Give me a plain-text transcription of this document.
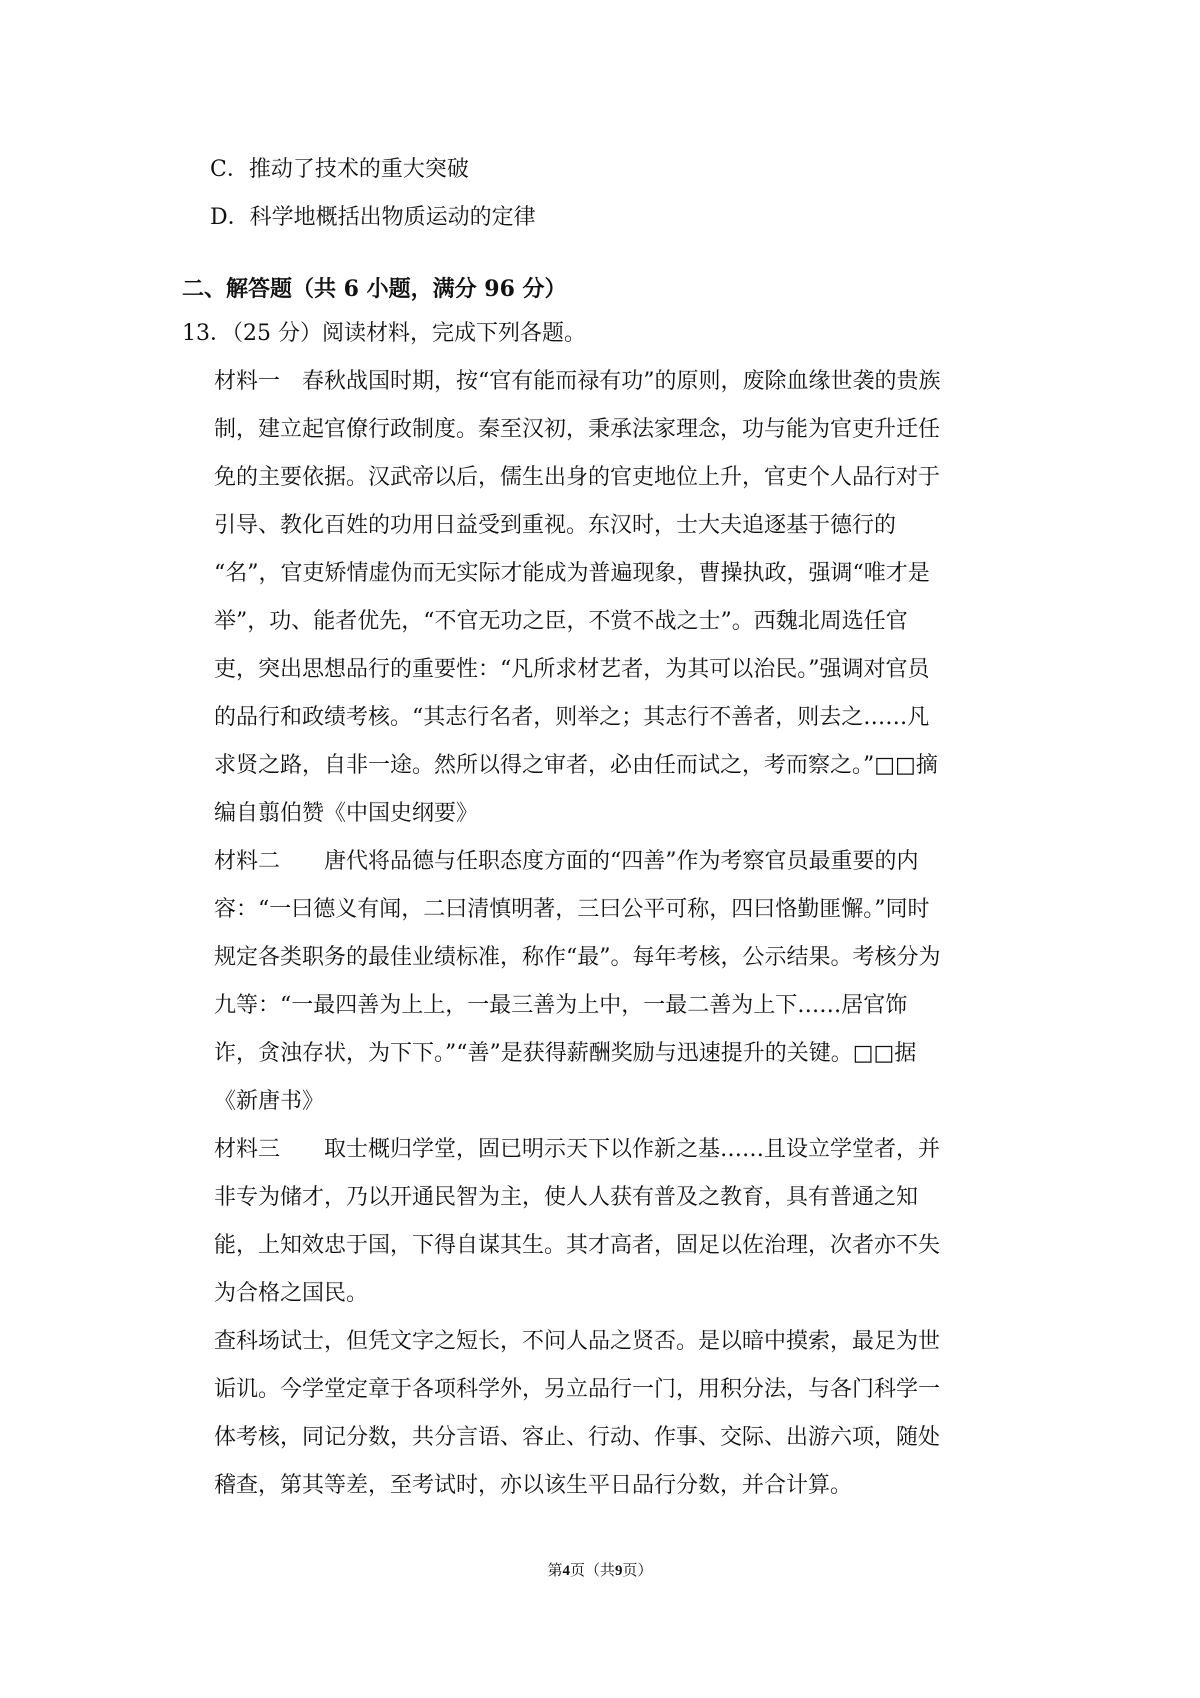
C．推动了技术的重大突破
D．科学地概括出物质运动的定律
二、解答题（共 6 小题，满分 96 分）
13．（25 分）阅读材料，完成下列各题。
材料一　春秋战国时期，按“官有能而禄有功”的原则，废除血缘世袭的贵族
制，建立起官僚行政制度。秦至汉初，秉承法家理念，功与能为官吏升迁任
免的主要依据。汉武帝以后，儒生出身的官吏地位上升，官吏个人品行对于
引导、教化百姓的功用日益受到重视。东汉时，士大夫追逐基于德行的
“名”，官吏矫情虚伪而无实际才能成为普遍现象，曹操执政，强调“唯才是
举”，功、能者优先，“不官无功之臣，不赏不战之士”。西魏北周选任官
吏，突出思想品行的重要性：“凡所求材艺者，为其可以治民。”强调对官员
的品行和政绩考核。“其志行名者，则举之；其志行不善者，则去之……凡
求贤之路，自非一途。然所以得之审者，必由任而试之，考而察之。”□□摘
编自翦伯赞《中国史纲要》
材料二　　唐代将品德与任职态度方面的“四善”作为考察官员最重要的内
容：“一曰德义有闻，二曰清慎明著，三曰公平可称，四曰恪勤匪懈。”同时
规定各类职务的最佳业绩标准，称作“最”。每年考核，公示结果。考核分为
九等：“一最四善为上上，一最三善为上中，一最二善为上下……居官饰
诈，贪浊存状，为下下。”“善”是获得薪酬奖励与迅速提升的关键。□□据
《新唐书》
材料三　　取士概归学堂，固已明示天下以作新之基……且设立学堂者，并
非专为储才，乃以开通民智为主，使人人获有普及之教育，具有普通之知
能，上知效忠于国，下得自谋其生。其才高者，固足以佐治理，次者亦不失
为合格之国民。
查科场试士，但凭文字之短长，不问人品之贤否。是以暗中摸索，最足为世
诟讥。今学堂定章于各项科学外，另立品行一门，用积分法，与各门科学一
体考核，同记分数，共分言语、容止、行动、作事、交际、出游六项，随处
稽查，第其等差，至考试时，亦以该生平日品行分数，并合计算。
第4页（共9页）
